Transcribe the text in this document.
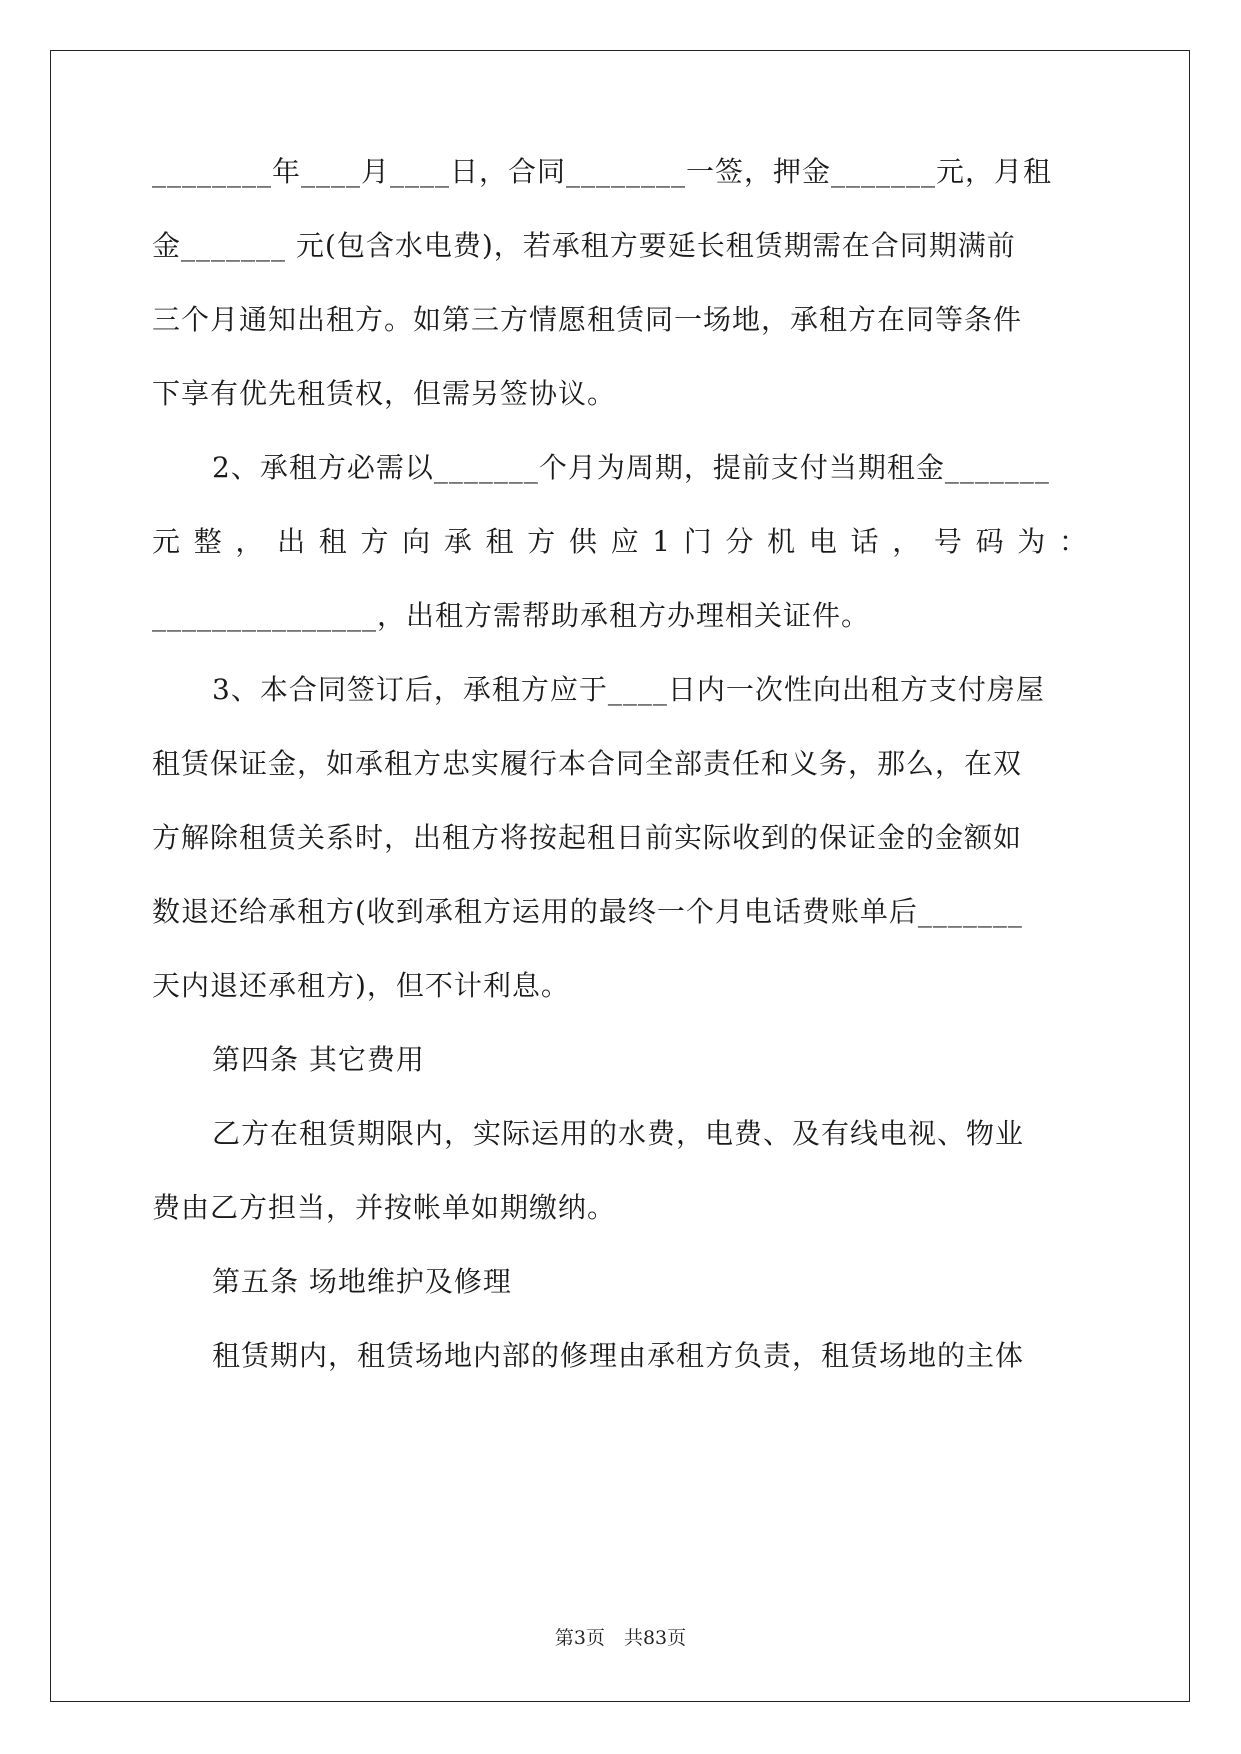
________年____月____日，合同________一签，押金_______元，月租
金_______ 元(包含水电费)，若承租方要延长租赁期需在合同期满前
三个月通知出租方。如第三方情愿租赁同一场地，承租方在同等条件
下享有优先租赁权，但需另签协议。
2、承租方必需以_______个月为周期，提前支付当期租金_______
元整，出租方向承租方供应1门分机电话，号码为：
_______________，出租方需帮助承租方办理相关证件。
3、本合同签订后，承租方应于____日内一次性向出租方支付房屋
租赁保证金，如承租方忠实履行本合同全部责任和义务，那么，在双
方解除租赁关系时，出租方将按起租日前实际收到的保证金的金额如
数退还给承租方(收到承租方运用的最终一个月电话费账单后_______
天内退还承租方)，但不计利息。
第四条 其它费用
乙方在租赁期限内，实际运用的水费，电费、及有线电视、物业
费由乙方担当，并按帐单如期缴纳。
第五条 场地维护及修理
租赁期内，租赁场地内部的修理由承租方负责，租赁场地的主体
第3页　共83页
